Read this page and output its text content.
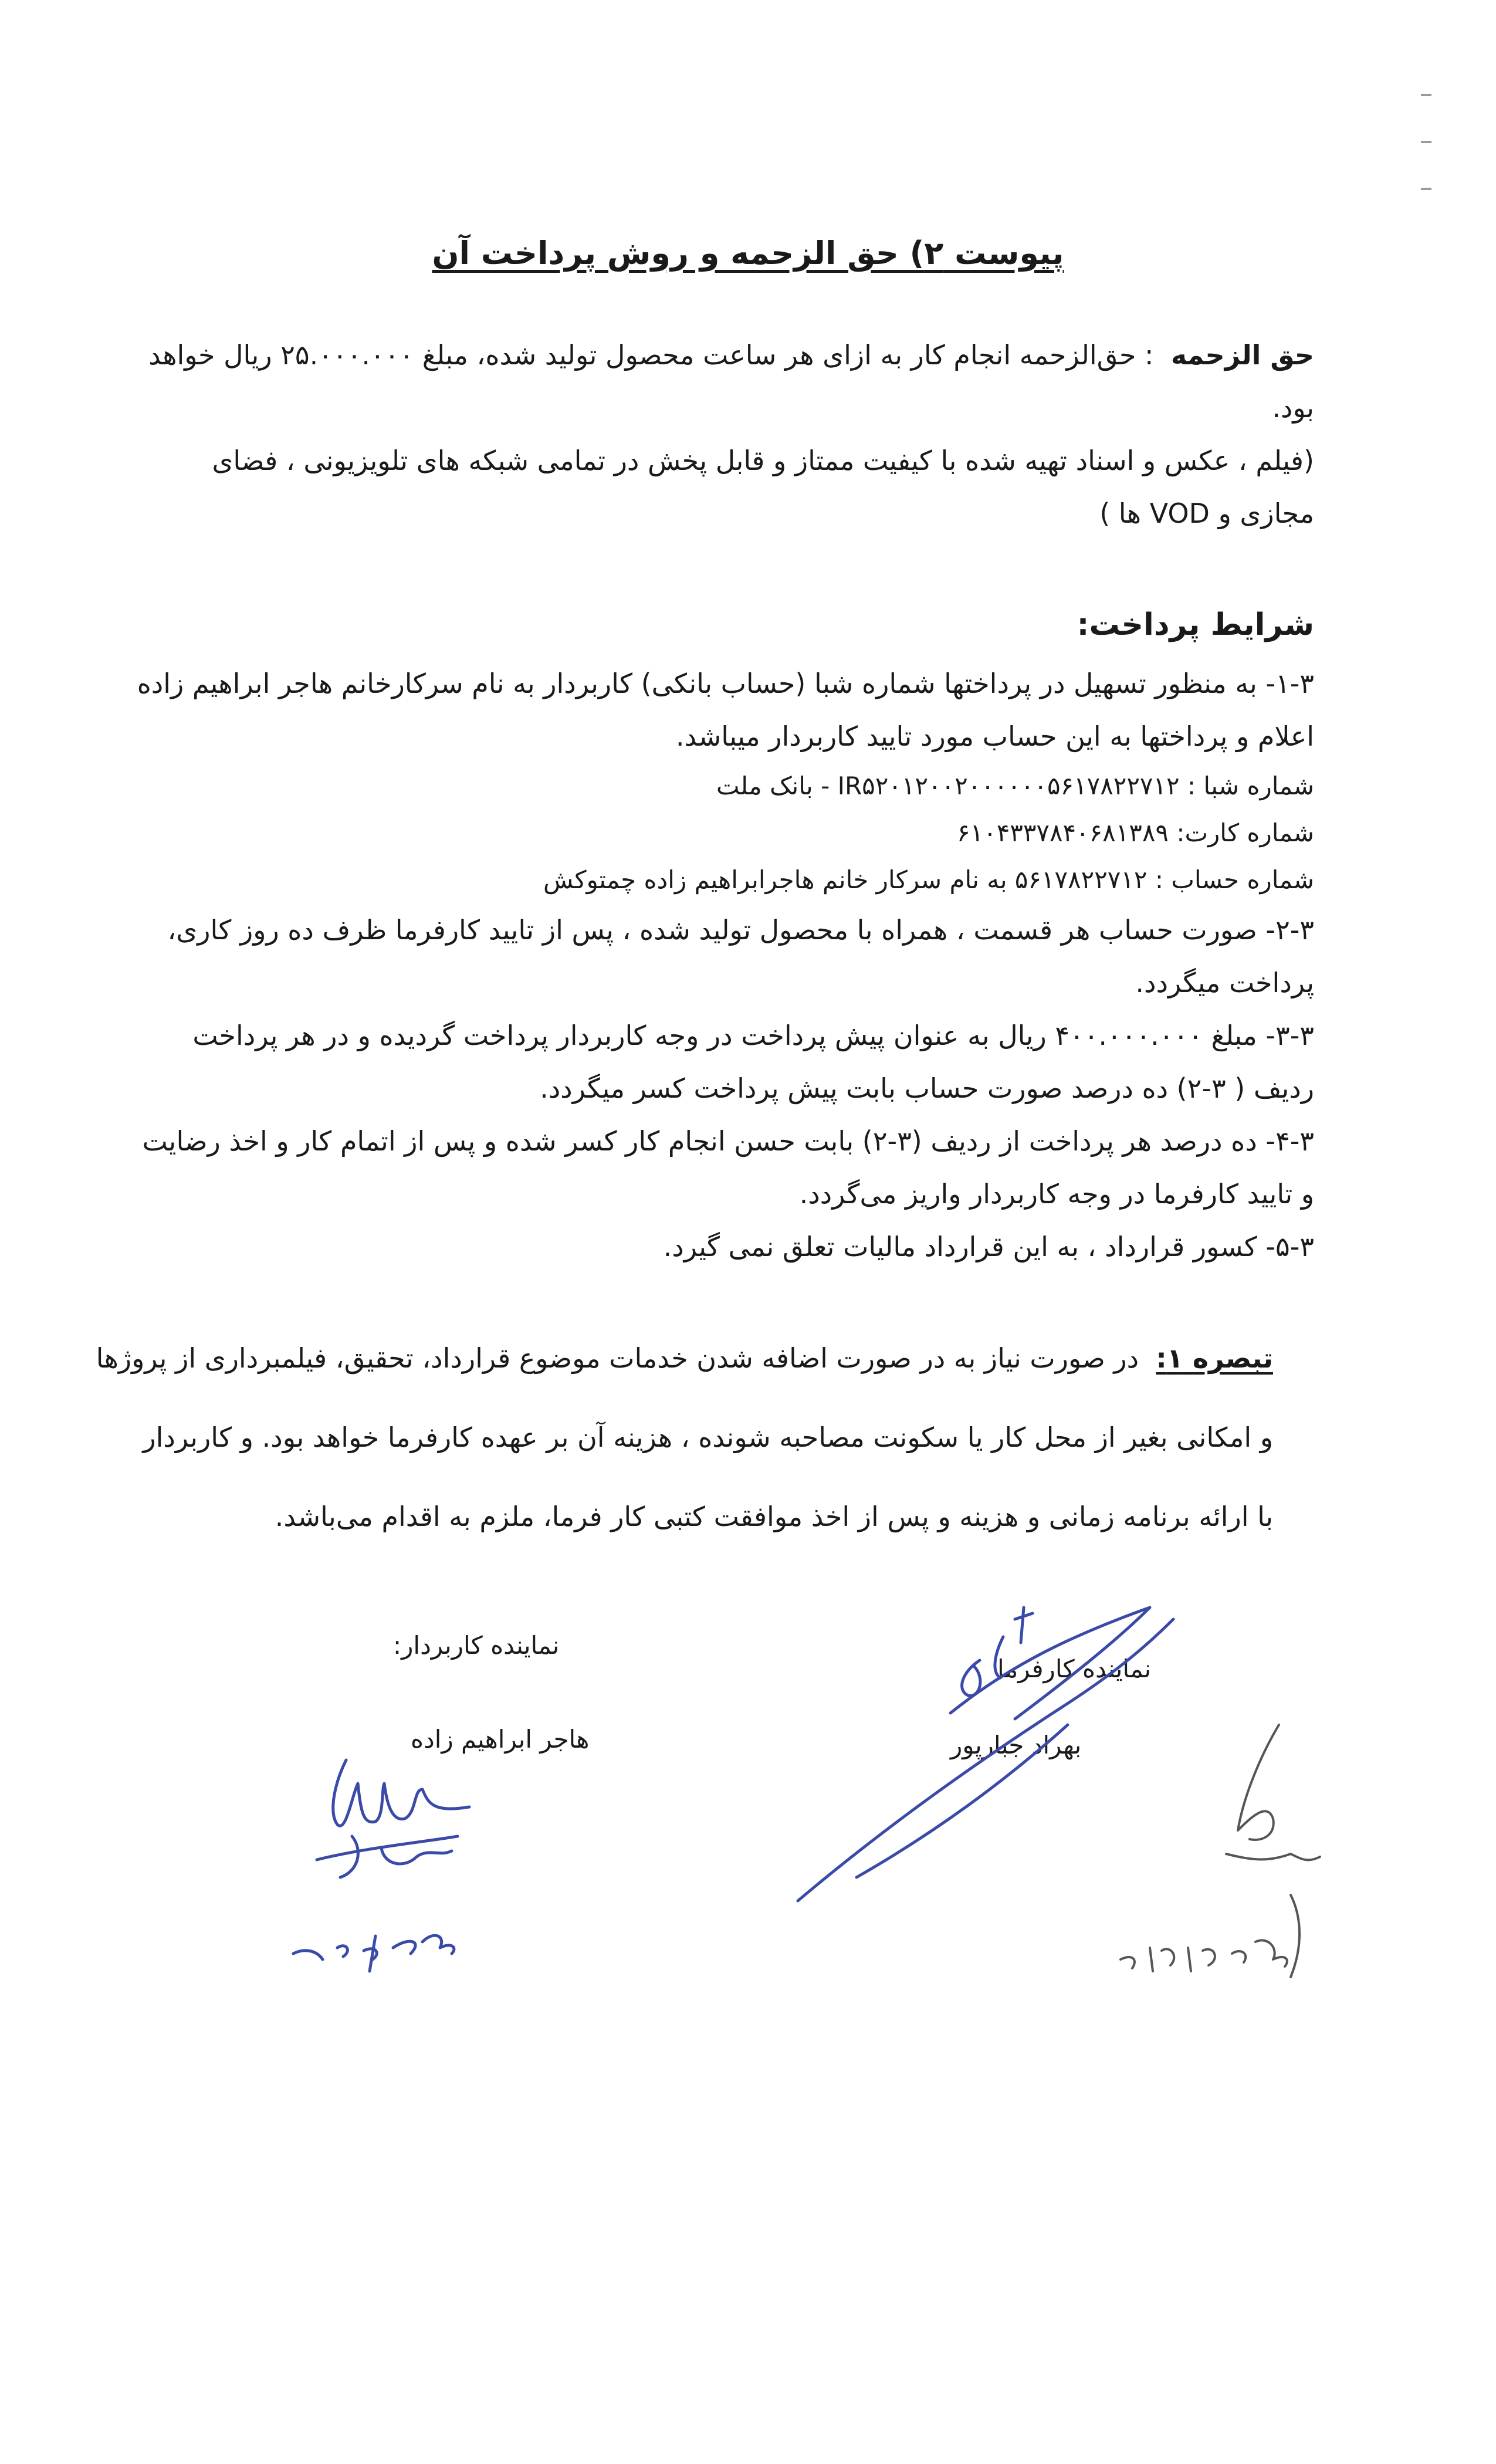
پیوست ۲) حق الزحمه و روش پرداخت آن
حق الزحمه  : حق‌الزحمه انجام کار به ازای هر ساعت محصول تولید شده، مبلغ ۲۵.۰۰۰.۰۰۰ ریال خواهد
بود.
(فیلم ، عکس و اسناد تهیه شده با کیفیت ممتاز و قابل پخش در تمامی شبکه های تلویزیونی ، فضای
مجازی و VOD ها )
شرایط پرداخت:
۱-۳- به منظور تسهیل در پرداختها شماره شبا (حساب بانکی) کاربردار به نام سرکارخانم هاجر ابراهیم زاده
اعلام و پرداختها به این حساب مورد تایید کاربردار میباشد.
شماره شبا : IR۵۲۰۱۲۰۰۲۰۰۰۰۰۰۵۶۱۷۸۲۲۷۱۲ - بانک ملت
شماره کارت: ۶۱۰۴۳۳۷۸۴۰۶۸۱۳۸۹
شماره حساب : ۵۶۱۷۸۲۲۷۱۲ به نام سرکار خانم هاجرابراهیم زاده چمتوکش
۲-۳- صورت حساب هر قسمت ، همراه با محصول تولید شده ، پس از تایید کارفرما ظرف ده روز کاری،
پرداخت میگردد.
۳-۳- مبلغ ۴۰۰.۰۰۰.۰۰۰ ریال به عنوان پیش پرداخت در وجه کاربردار پرداخت گردیده و در هر پرداخت
ردیف ( ۳-۲) ده درصد صورت حساب بابت پیش پرداخت کسر میگردد.
۴-۳- ده درصد هر پرداخت از ردیف (۳-۲) بابت حسن انجام کار کسر شده و پس از اتمام کار و اخذ رضایت
و تایید کارفرما در وجه کاربردار واریز می‌گردد.
۵-۳- کسور قرارداد ، به این قرارداد مالیات تعلق نمی گیرد.
تبصره ۱:  در صورت نیاز به در صورت اضافه شدن خدمات موضوع قرارداد، تحقیق، فیلمبرداری از پروژها
و امکانی بغیر از محل کار یا سکونت مصاحبه شونده ، هزینه آن بر عهده کارفرما خواهد بود. و کاربردار
با ارائه برنامه زمانی و هزینه و پس از اخذ موافقت کتبی کار فرما، ملزم به اقدام می‌باشد.
نماینده کاربردار:
هاجر ابراهیم زاده
نماینده کارفرما
بهراد جبارپور
